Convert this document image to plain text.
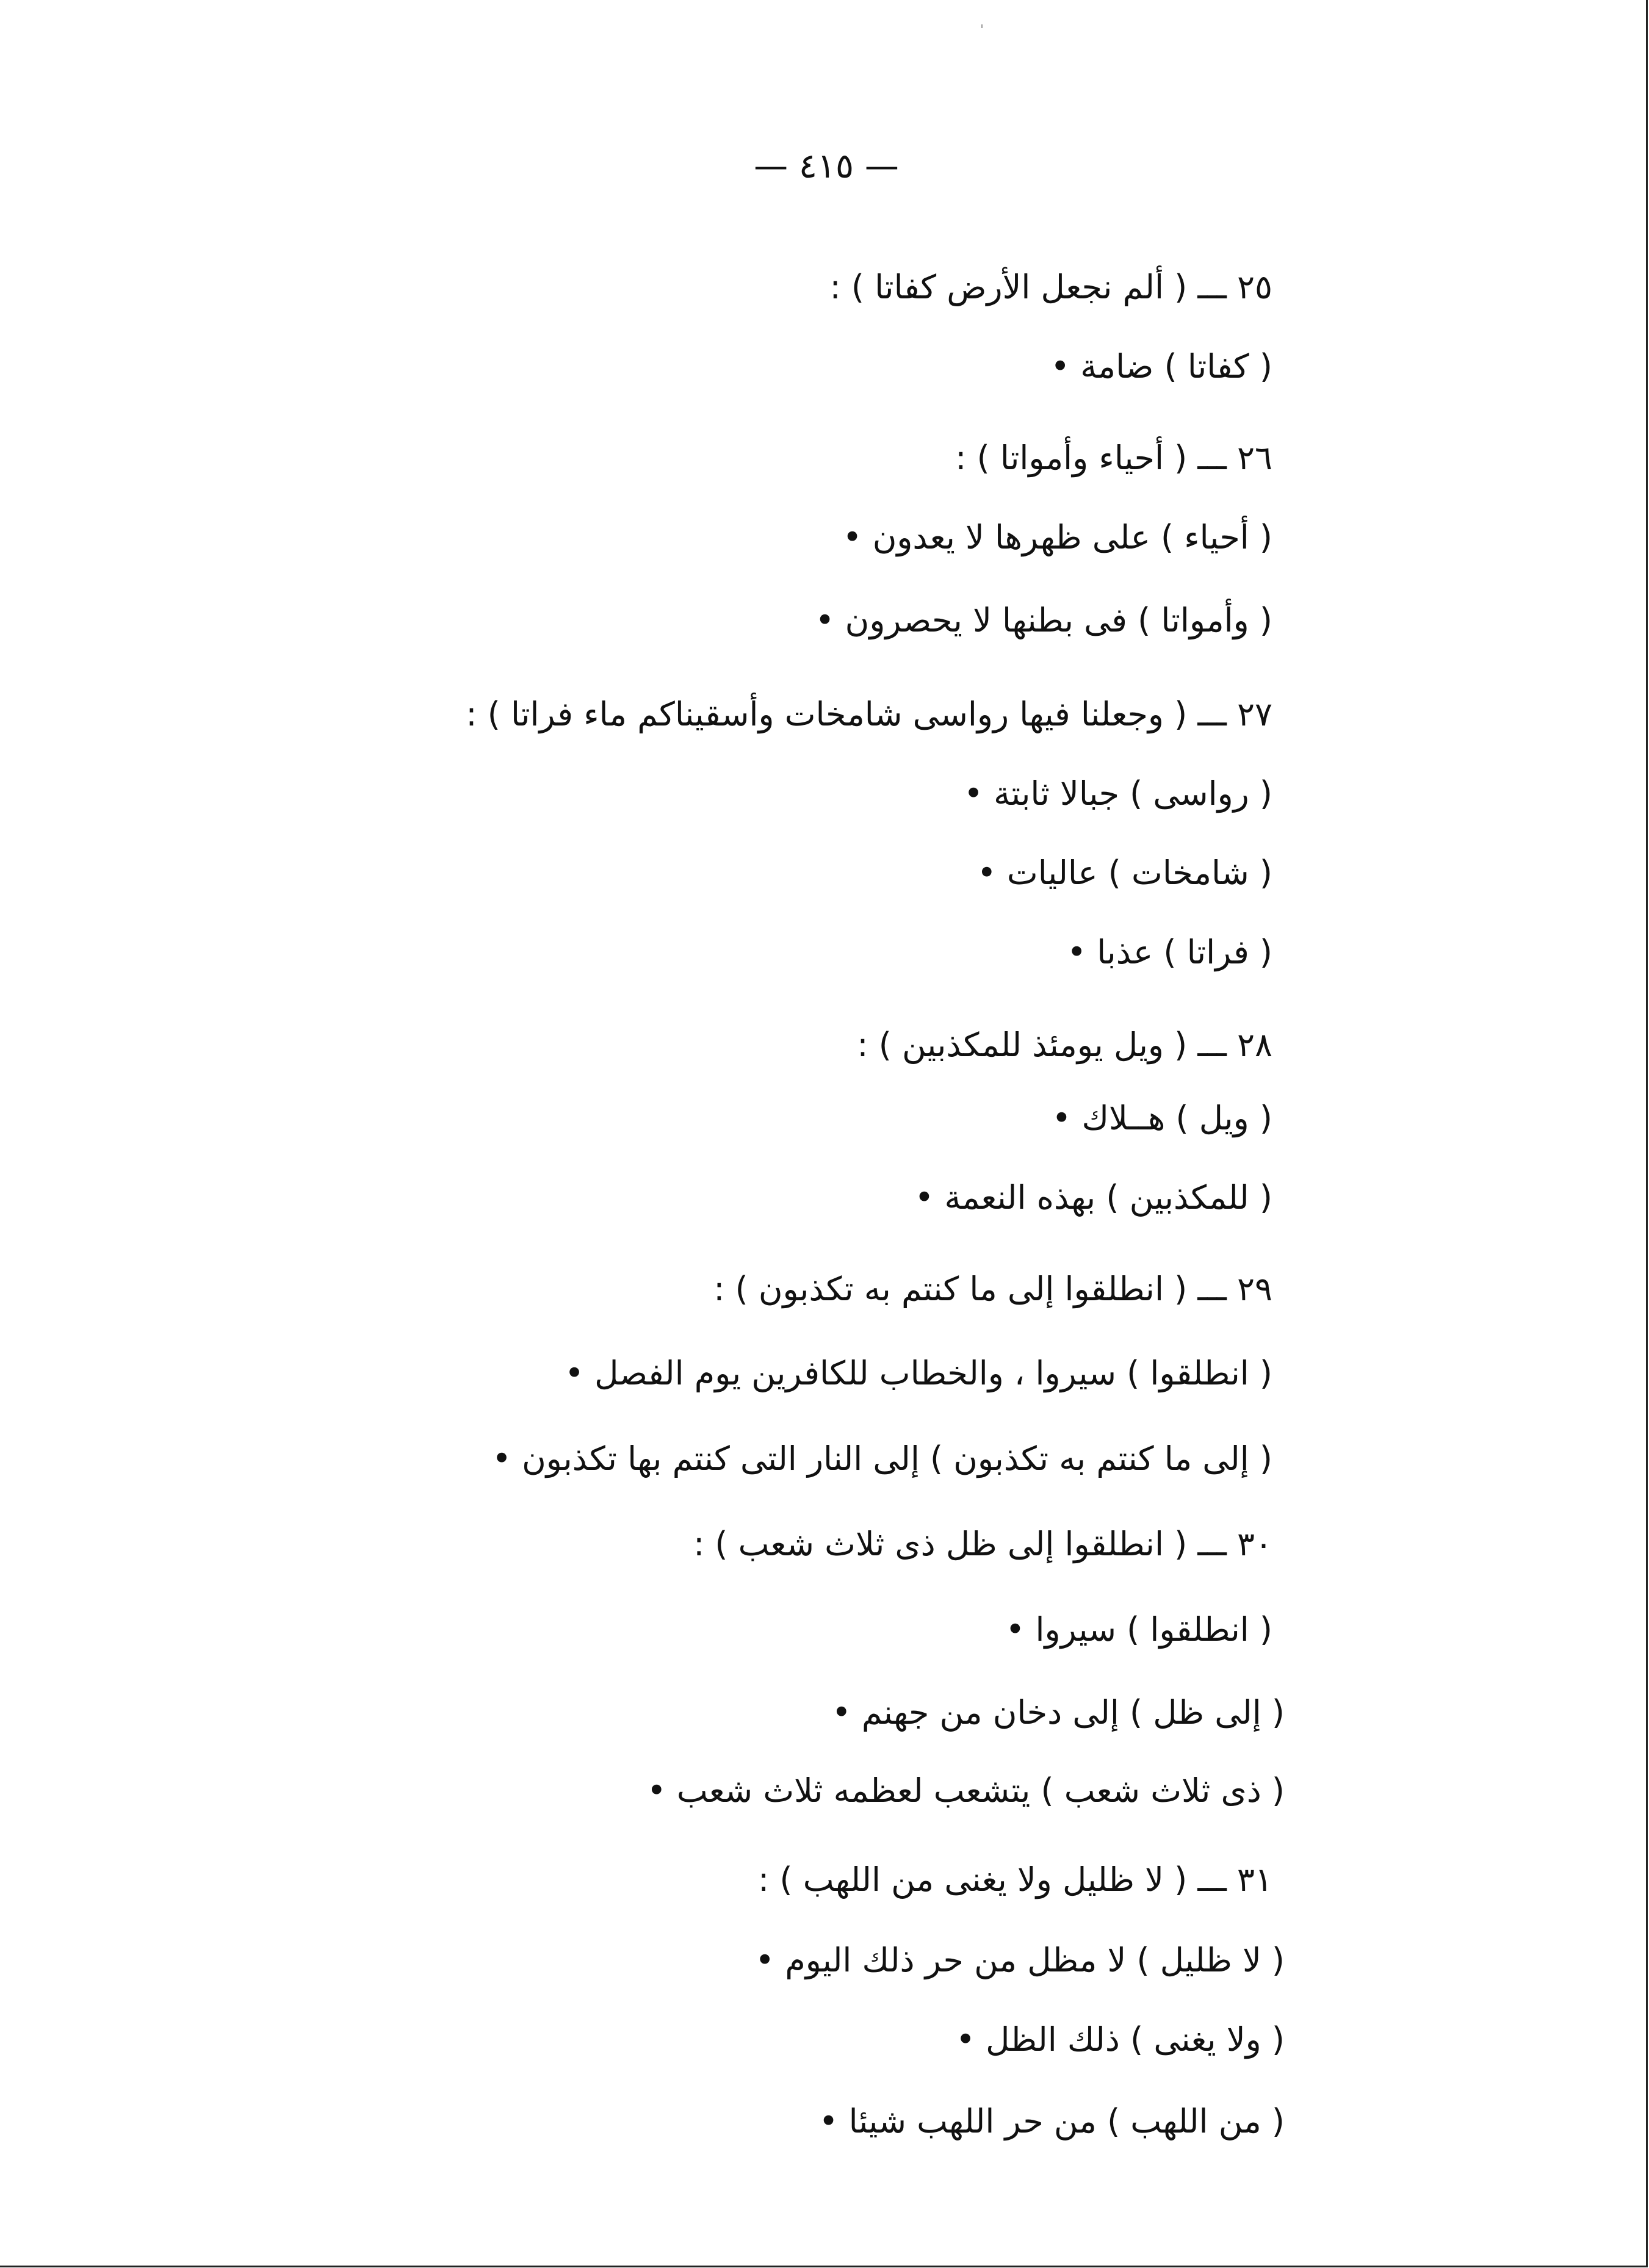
— ٤١٥ —
٢٥ ـــ ( ألم نجعل الأرض كفاتا ) :
( كفاتا ) ضامة •
٢٦ ـــ ( أحياء وأمواتا ) :
( أحياء ) على ظهرها لا يعدون •
( وأمواتا ) فى بطنها لا يحصرون •
٢٧ ـــ ( وجعلنا فيها رواسى شامخات وأسقيناكم ماء فراتا ) :
( رواسى ) جبالا ثابتة •
( شامخات ) عاليات •
( فراتا ) عذبا •
٢٨ ـــ ( ويل يومئذ للمكذبين ) :
( ويل ) هــلاك •
( للمكذبين ) بهذه النعمة •
٢٩ ـــ ( انطلقوا إلى ما كنتم به تكذبون ) :
( انطلقوا ) سيروا ، والخطاب للكافرين يوم الفصل •
( إلى ما كنتم به تكذبون ) إلى النار التى كنتم بها تكذبون •
٣٠ ـــ ( انطلقوا إلى ظل ذى ثلاث شعب ) :
( انطلقوا ) سيروا •
( إلى ظل ) إلى دخان من جهنم •
( ذى ثلاث شعب ) يتشعب لعظمه ثلاث شعب •
٣١ ـــ ( لا ظليل ولا يغنى من اللهب ) :
( لا ظليل ) لا مظل من حر ذلك اليوم •
( ولا يغنى ) ذلك الظل •
( من اللهب ) من حر اللهب شيئا •
